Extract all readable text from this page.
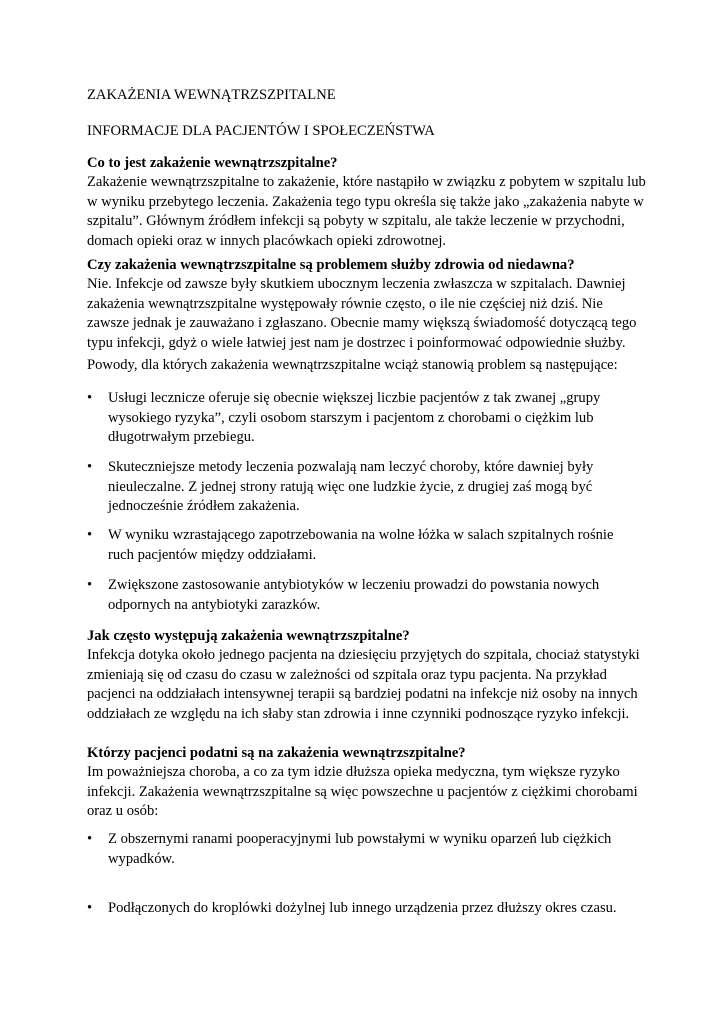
ZAKAŻENIA WEWNĄTRZSZPITALNE
INFORMACJE DLA PACJENTÓW I SPOŁECZEŃSTWA
Co to jest zakażenie wewnątrzszpitalne?
Zakażenie wewnątrzszpitalne to zakażenie, które nastąpiło w związku z pobytem w szpitalu lub w wyniku przebytego leczenia. Zakażenia tego typu określa się także jako „zakażenia nabyte w szpitalu”. Głównym źródłem infekcji są pobyty w szpitalu, ale także leczenie w przychodni, domach opieki oraz w innych placówkach opieki zdrowotnej.
Czy zakażenia wewnątrzszpitalne są problemem służby zdrowia od niedawna?
Nie. Infekcje od zawsze były skutkiem ubocznym leczenia zwłaszcza w szpitalach. Dawniej zakażenia wewnątrzszpitalne występowały równie często, o ile nie częściej niż dziś. Nie zawsze jednak je zauważano i zgłaszano. Obecnie mamy większą świadomość dotyczącą tego typu infekcji, gdyż o wiele łatwiej jest nam je dostrzec i poinformować odpowiednie służby.
Powody, dla których zakażenia wewnątrzszpitalne wciąż stanowią problem są następujące:
•	Usługi lecznicze oferuje się obecnie większej liczbie pacjentów z tak zwanej „grupy wysokiego ryzyka”, czyli osobom starszym i pacjentom z chorobami o ciężkim lub długotrwałym przebiegu.
•	Skuteczniejsze metody leczenia pozwalają nam leczyć choroby, które dawniej były nieuleczalne. Z jednej strony ratują więc one ludzkie życie, z drugiej zaś mogą być jednocześnie źródłem zakażenia.
•	W wyniku wzrastającego zapotrzebowania na wolne łóżka w salach szpitalnych rośnie ruch pacjentów między oddziałami.
•	Zwiększone zastosowanie antybiotyków w leczeniu prowadzi do powstania nowych odpornych na antybiotyki zarazków.
Jak często występują zakażenia wewnątrzszpitalne?
Infekcja dotyka około jednego pacjenta na dziesięciu przyjętych do szpitala, chociaż statystyki zmieniają się od czasu do czasu w zależności od szpitala oraz typu pacjenta. Na przykład pacjenci na oddziałach intensywnej terapii są bardziej podatni na infekcje niż osoby na innych oddziałach ze względu na ich słaby stan zdrowia i inne czynniki podnoszące ryzyko infekcji.
Którzy pacjenci podatni są na zakażenia wewnątrzszpitalne?
Im poważniejsza choroba, a co za tym idzie dłuższa opieka medyczna, tym większe ryzyko infekcji. Zakażenia wewnątrzszpitalne są więc powszechne u pacjentów z ciężkimi chorobami oraz u osób:
•	Z obszernymi ranami pooperacyjnymi lub powstałymi w wyniku oparzeń lub ciężkich wypadków.
•	Podłączonych do kroplówki dożylnej lub innego urządzenia przez dłuższy okres czasu.
